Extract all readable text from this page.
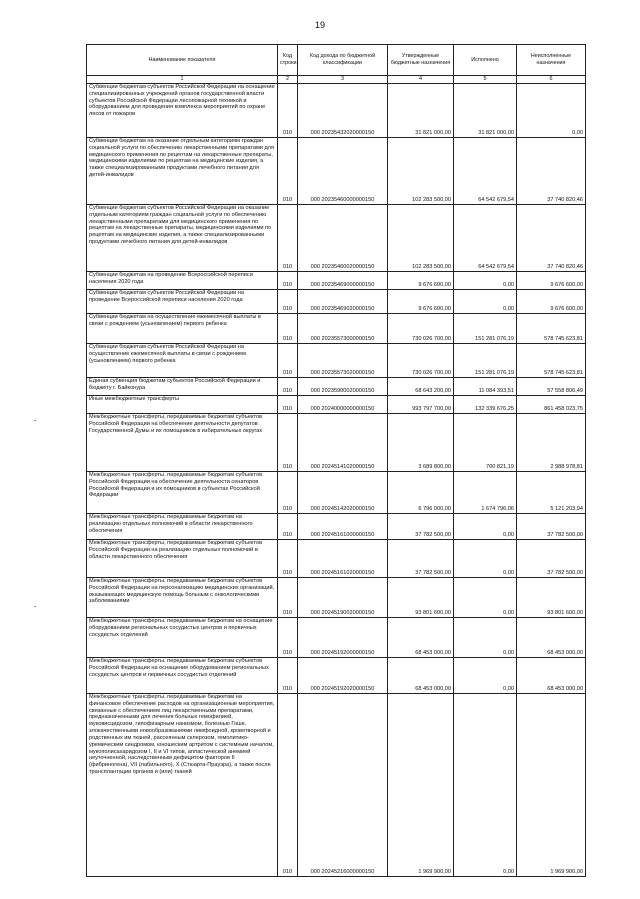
19
Наименование показателя	Код строки	Код дохода по бюджетной классификации	Утвержденные бюджетные назначения	Исполнено	Неисполненные назначения
1	2	3	4	5	6
Субвенции бюджетам субъектов Российской Федерации на оснащение специализированных учреждений органов государственной власти субъектов Российской Федерации лесопожарной техникой и оборудованием для проведения комплекса мероприятий по охране лесов от пожаров	010	000 20235432020000150	31 821 000,00	31 821 000,00	0,00
Субвенции бюджетам на оказание отдельным категориям граждан социальной услуги по обеспечению лекарственными препаратами для медицинского применения по рецептам на лекарственные препараты, медицинскими изделиями по рецептам на медицинские изделия, а также специализированными продуктами лечебного питания для детей-инвалидов	010	000 20235460000000150	102 283 500,00	64 542 679,54	37 740 820,46
Субвенции бюджетам субъектов Российской Федерации на оказание отдельным категориям граждан социальной услуги по обеспечению лекарственными препаратами для медицинского применения по рецептам на лекарственные препараты, медицинскими изделиями по рецептам на медицинские изделия, а также специализированными продуктами лечебного питания для детей-инвалидов	010	000 20235460020000150	102 283 500,00	64 542 679,54	37 740 820,46
Субвенции бюджетам на проведение Всероссийской переписи населения 2020 года	010	000 20235469000000150	9 676 600,00	0,00	9 676 600,00
Субвенции бюджетам субъектов Российской Федерации на проведение Всероссийской переписи населения 2020 года	010	000 20235469020000150	9 676 600,00	0,00	9 676 600,00
Субвенции бюджетам на осуществление ежемесячной выплаты в связи с рождением (усыновлением) первого ребенка	010	000 20235573000000150	730 026 700,00	151 281 076,19	578 745 623,81
Субвенции бюджетам субъектов Российской Федерации на осуществление ежемесячной выплаты в связи с рождением (усыновлением) первого ребенка	010	000 20235573020000150	730 026 700,00	151 281 076,19	578 745 623,81
Единая субвенция бюджетам субъектов Российской Федерации и бюджету г. Байконура	010	000 20235900020000150	68 643 200,00	11 084 393,51	57 558 806,49
Иные межбюджетные трансферты	010	000 20240000000000150	993 797 700,00	132 339 676,25	861 458 023,75
Межбюджетные трансферты, передаваемые бюджетам субъектов Российской Федерации на обеспечение деятельности депутатов Государственной Думы и их помощников в избирательных округах	010	000 20245141020000150	3 689 800,00	700 821,19	2 988 978,81
Межбюджетные трансферты, передаваемые бюджетам субъектов Российской Федерации на обеспечение деятельности сенаторов Российской Федерации и их помощников в субъектах Российской Федерации	010	000 20245142020000150	6 796 000,00	1 674 796,06	5 121 203,94
Межбюджетные трансферты, передаваемые бюджетам на реализацию отдельных полномочий в области лекарственного обеспечения	010	000 20245161000000150	37 782 500,00	0,00	37 782 500,00
Межбюджетные трансферты, передаваемые бюджетам субъектов Российской Федерации на реализацию отдельных полномочий в области лекарственного обеспечения	010	000 20245161020000150	37 782 500,00	0,00	37 782 500,00
Межбюджетные трансферты, передаваемые бюджетам субъектов Российской Федерации на персонализацию медицинских организаций, оказывающих медицинскую помощь больным с онкологическими заболеваниями	010	000 20245190020000150	93 801 600,00	0,00	93 801 600,00
Межбюджетные трансферты, передаваемые бюджетам на оснащение оборудованием региональных сосудистых центров и первичных сосудистых отделений	010	000 20245192000000150	68 453 000,00	0,00	68 453 000,00
Межбюджетные трансферты, передаваемые бюджетам субъектов Российской Федерации на оснащение оборудованием региональных сосудистых центров и первичных сосудистых отделений	010	000 20245192020000150	68 453 000,00	0,00	68 453 000,00
Межбюджетные трансферты, передаваемые бюджетам на финансовое обеспечение расходов на организационные мероприятия, связанные с обеспечением лиц лекарственными препаратами, предназначенными для лечения больных гемофилией, муковисцидозом, гипофизарным нанизмом, болезнью Гоше, злокачественными новообразованиями лимфоидной, кроветворной и родственных им тканей, рассеянным склерозом, гемолитико-уремическим синдромом, юношеским артритом с системным началом, мукополисахаридозом I, II и VI типов, апластической анемией неуточненной, наследственным дефицитом факторов II (фибриногена), VII (лабильного), X (Стюарта-Прауэра), а также после трансплантации органов и (или) тканей	010	000 20245216000000150	1 969 900,00	0,00	1 969 900,00
